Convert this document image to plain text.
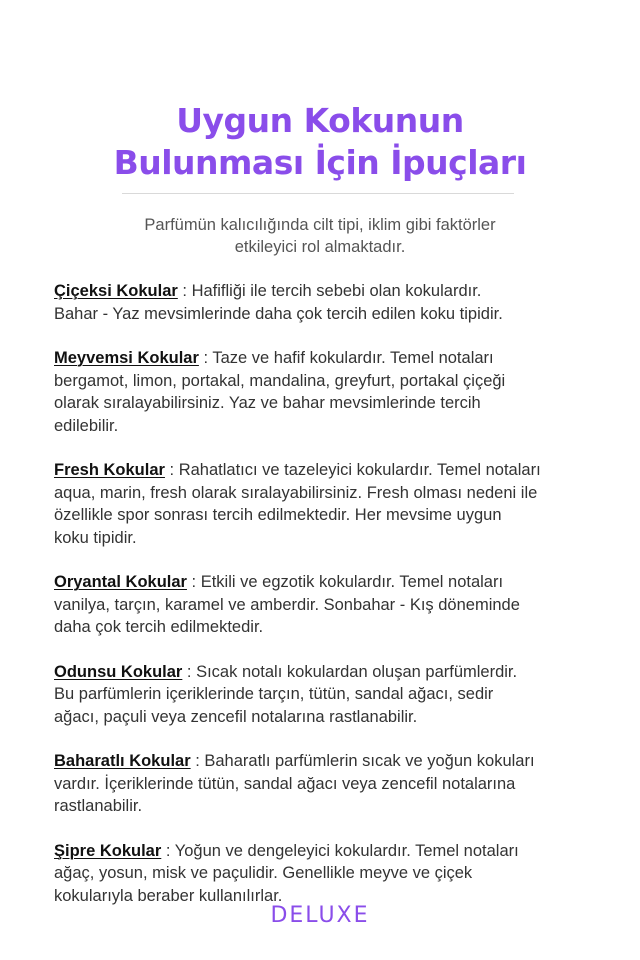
Uygun Kokunun
Bulunması İçin İpuçları

Parfümün kalıcılığında cilt tipi, iklim gibi faktörler
etkileyici rol almaktadır.

Çiçeksi Kokular : Hafifliği ile tercih sebebi olan kokulardır.
Bahar - Yaz mevsimlerinde daha çok tercih edilen koku tipidir.

Meyvemsi Kokular : Taze ve hafif kokulardır. Temel notaları
bergamot, limon, portakal, mandalina, greyfurt, portakal çiçeği
olarak sıralayabilirsiniz. Yaz ve bahar mevsimlerinde tercih
edilebilir.

Fresh Kokular : Rahatlatıcı ve tazeleyici kokulardır. Temel notaları
aqua, marin, fresh olarak sıralayabilirsiniz. Fresh olması nedeni ile
özellikle spor sonrası tercih edilmektedir. Her mevsime uygun
koku tipidir.

Oryantal Kokular : Etkili ve egzotik kokulardır. Temel notaları
vanilya, tarçın, karamel ve amberdir. Sonbahar - Kış döneminde
daha çok tercih edilmektedir.

Odunsu Kokular : Sıcak notalı kokulardan oluşan parfümlerdir.
Bu parfümlerin içeriklerinde tarçın, tütün, sandal ağacı, sedir
ağacı, paçuli veya zencefil notalarına rastlanabilir.

Baharatlı Kokular : Baharatlı parfümlerin sıcak ve yoğun kokuları
vardır. İçeriklerinde tütün, sandal ağacı veya zencefil notalarına
rastlanabilir.

Şipre Kokular : Yoğun ve dengeleyici kokulardır. Temel notaları
ağaç, yosun, misk ve paçulidir. Genellikle meyve ve çiçek
kokularıyla beraber kullanılırlar.

DELUXE
